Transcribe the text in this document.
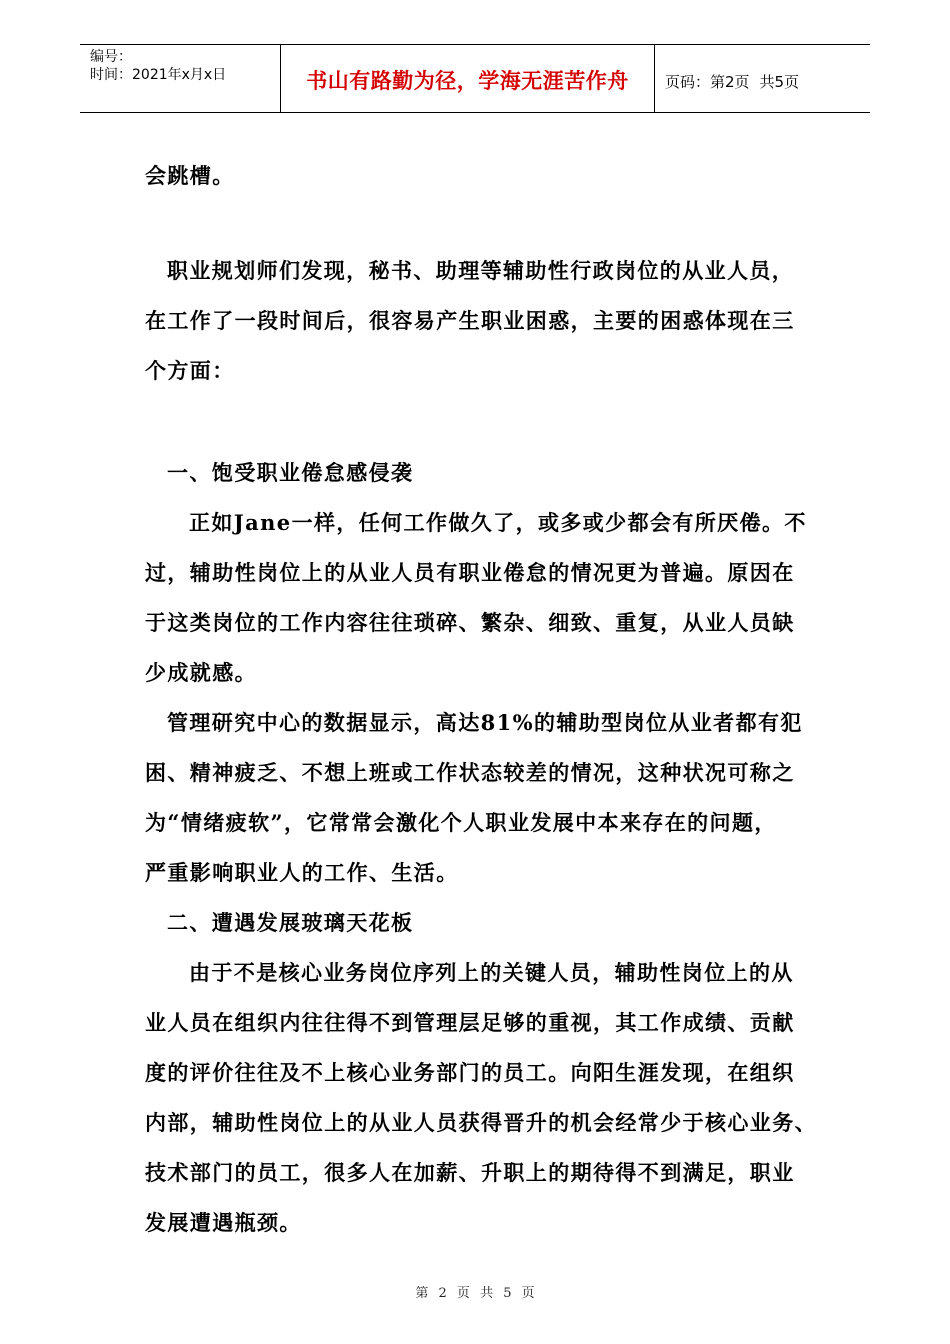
编号：
时间：2021年x月x日	书山有路勤为径，学海无涯苦作舟	页码：第2页 共5页
会跳槽。
职业规划师们发现，秘书、助理等辅助性行政岗位的从业人员，
在工作了一段时间后，很容易产生职业困惑，主要的困惑体现在三
个方面：
一、饱受职业倦怠感侵袭
正如Jane一样，任何工作做久了，或多或少都会有所厌倦。不
过，辅助性岗位上的从业人员有职业倦怠的情况更为普遍。原因在
于这类岗位的工作内容往往琐碎、繁杂、细致、重复，从业人员缺
少成就感。
管理研究中心的数据显示，高达81%的辅助型岗位从业者都有犯
困、精神疲乏、不想上班或工作状态较差的情况，这种状况可称之
为“情绪疲软”，它常常会激化个人职业发展中本来存在的问题，
严重影响职业人的工作、生活。
二、遭遇发展玻璃天花板
由于不是核心业务岗位序列上的关键人员，辅助性岗位上的从
业人员在组织内往往得不到管理层足够的重视，其工作成绩、贡献
度的评价往往及不上核心业务部门的员工。向阳生涯发现，在组织
内部，辅助性岗位上的从业人员获得晋升的机会经常少于核心业务、
技术部门的员工，很多人在加薪、升职上的期待得不到满足，职业
发展遭遇瓶颈。
第 2 页 共 5 页
